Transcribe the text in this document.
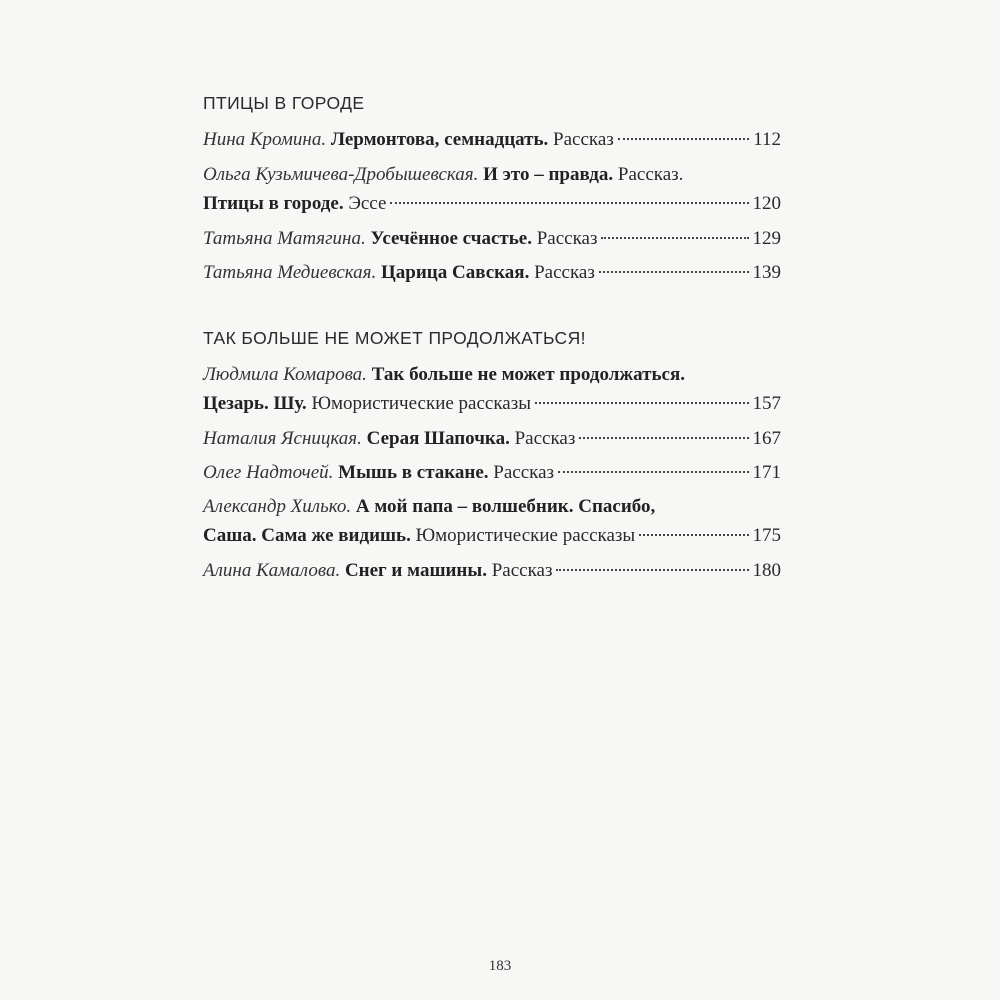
ПТИЦЫ В ГОРОДЕ
Нина Кромина.
Лермонтова, семнадцать.
Рассказ	112
Ольга Кузьмичева-Дробышевская.
И это – правда.
Рассказ.
Птицы в городе.
Эссе	120
Татьяна Матягина.
Усечённое счастье.
Рассказ	129
Татьяна Медиевская.
Царица Савская.
Рассказ	139
ТАК БОЛЬШЕ НЕ МОЖЕТ ПРОДОЛЖАТЬСЯ!
Людмила Комарова.
Так больше не может продолжаться.
Цезарь. Шу.
Юмористические рассказы	157
Наталия Ясницкая.
Серая Шапочка.
Рассказ	167
Олег Надточей.
Мышь в стакане.
Рассказ	171
Александр Хилько.
А мой папа – волшебник. Спасибо,
Саша. Сама же видишь.
Юмористические рассказы	175
Алина Камалова.
Снег и машины.
Рассказ	180
183
